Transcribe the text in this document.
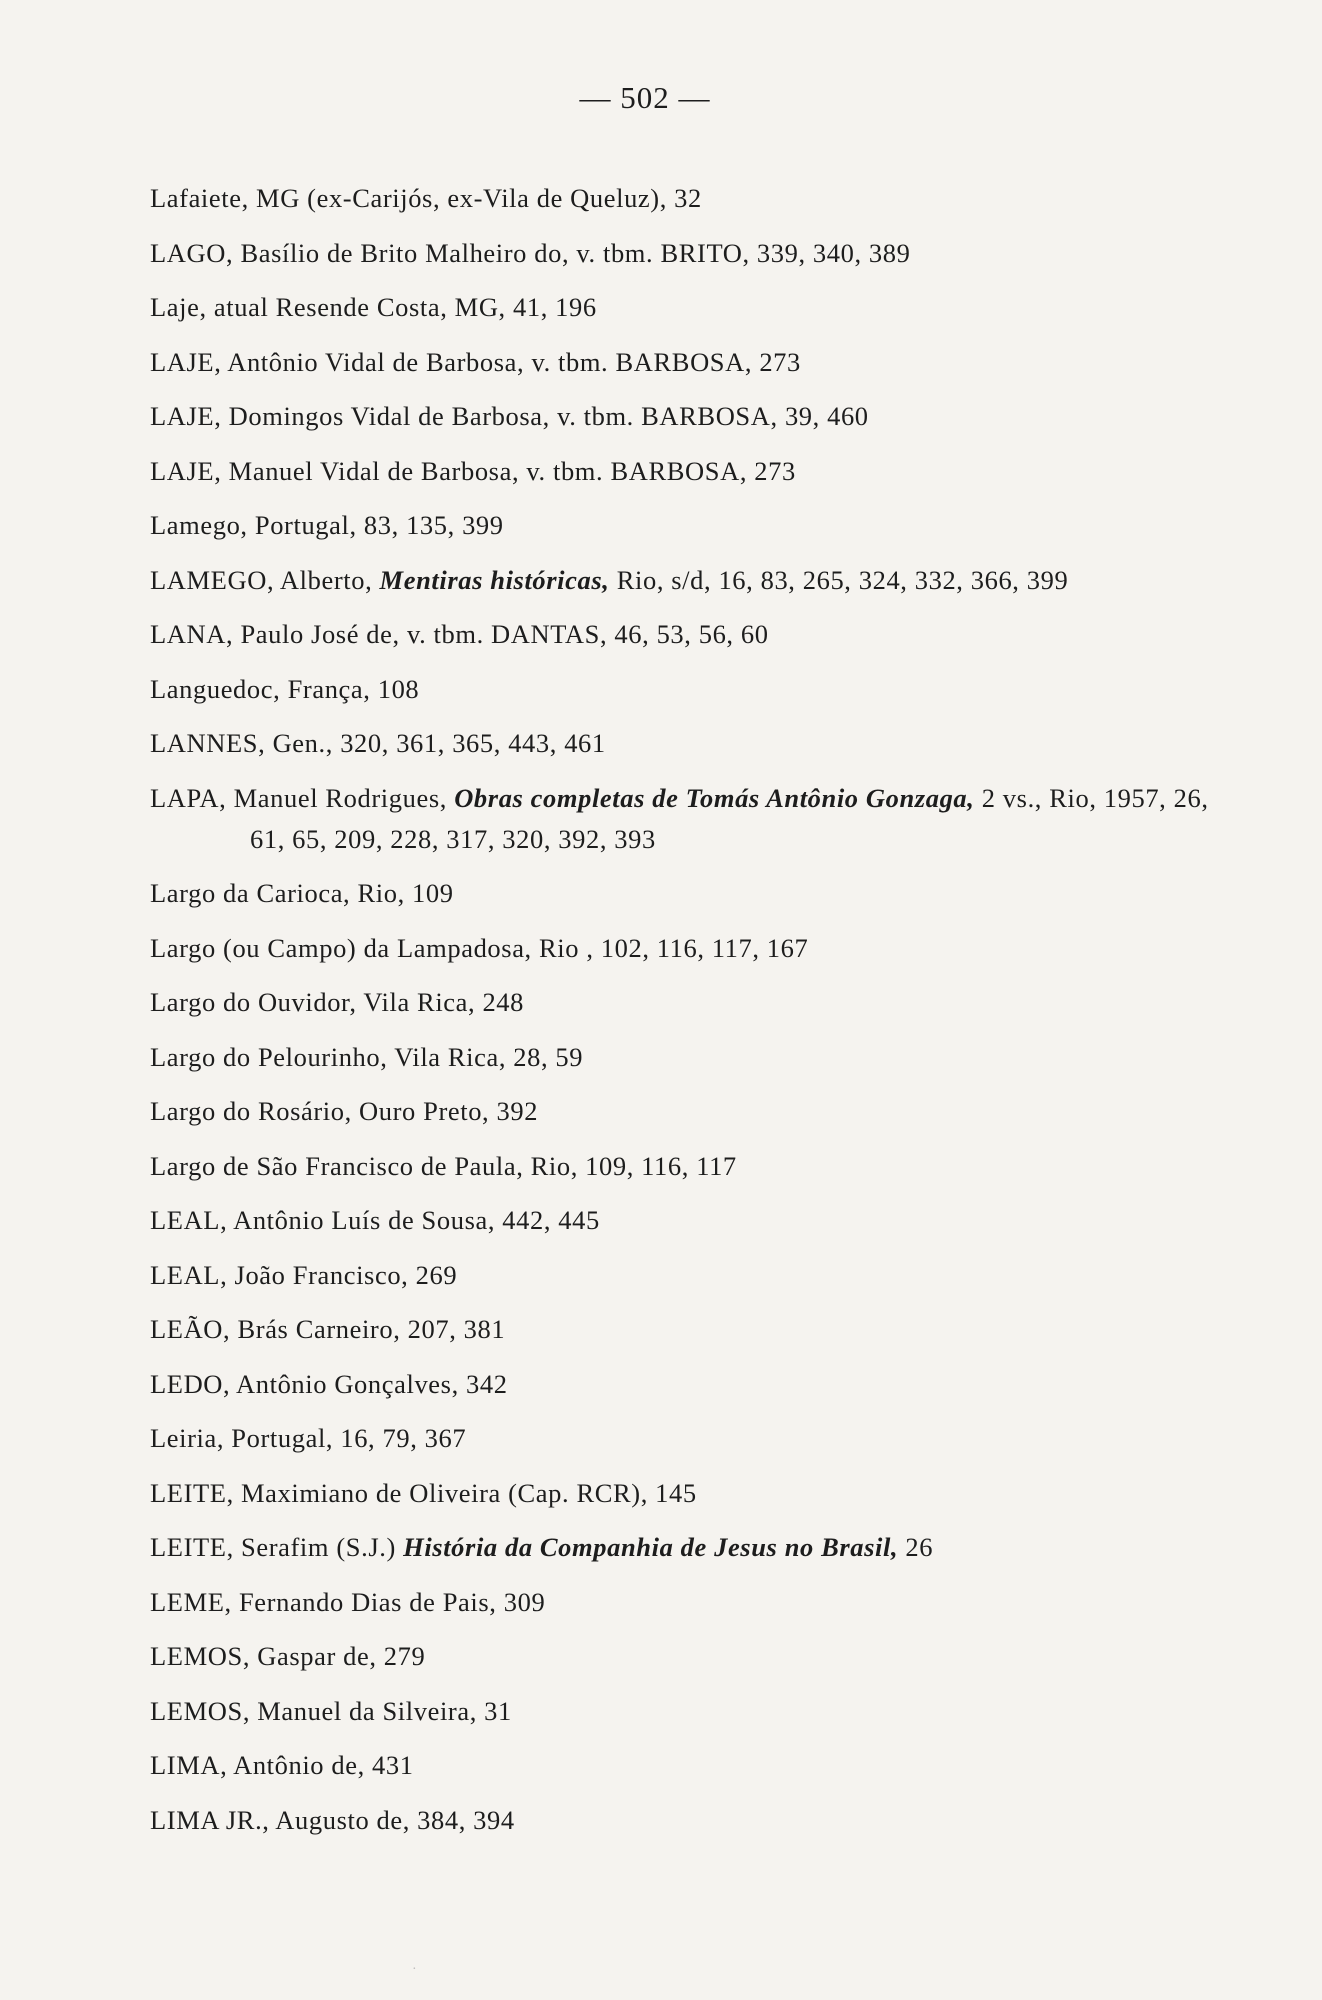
— 502 —
Lafaiete, MG (ex-Carijós, ex-Vila de Queluz), 32
LAGO, Basílio de Brito Malheiro do, v. tbm. BRITO, 339, 340, 389
Laje, atual Resende Costa, MG, 41, 196
LAJE, Antônio Vidal de Barbosa, v. tbm. BARBOSA, 273
LAJE, Domingos Vidal de Barbosa, v. tbm. BARBOSA, 39, 460
LAJE, Manuel Vidal de Barbosa, v. tbm. BARBOSA, 273
Lamego, Portugal, 83, 135, 399
LAMEGO, Alberto, Mentiras históricas, Rio, s/d, 16, 83, 265, 324, 332, 366, 399
LANA, Paulo José de, v. tbm. DANTAS, 46, 53, 56, 60
Languedoc, França, 108
LANNES, Gen., 320, 361, 365, 443, 461
LAPA, Manuel Rodrigues, Obras completas de Tomás Antônio Gonzaga, 2 vs., Rio, 1957, 26, 61, 65, 209, 228, 317, 320, 392, 393
Largo da Carioca, Rio, 109
Largo (ou Campo) da Lampadosa, Rio , 102, 116, 117, 167
Largo do Ouvidor, Vila Rica, 248
Largo do Pelourinho, Vila Rica, 28, 59
Largo do Rosário, Ouro Preto, 392
Largo de São Francisco de Paula, Rio, 109, 116, 117
LEAL, Antônio Luís de Sousa, 442, 445
LEAL, João Francisco, 269
LEÃO, Brás Carneiro, 207, 381
LEDO, Antônio Gonçalves, 342
Leiria, Portugal, 16, 79, 367
LEITE, Maximiano de Oliveira (Cap. RCR), 145
LEITE, Serafim (S.J.) História da Companhia de Jesus no Brasil, 26
LEME, Fernando Dias de Pais, 309
LEMOS, Gaspar de, 279
LEMOS, Manuel da Silveira, 31
LIMA, Antônio de, 431
LIMA JR., Augusto de, 384, 394
·
